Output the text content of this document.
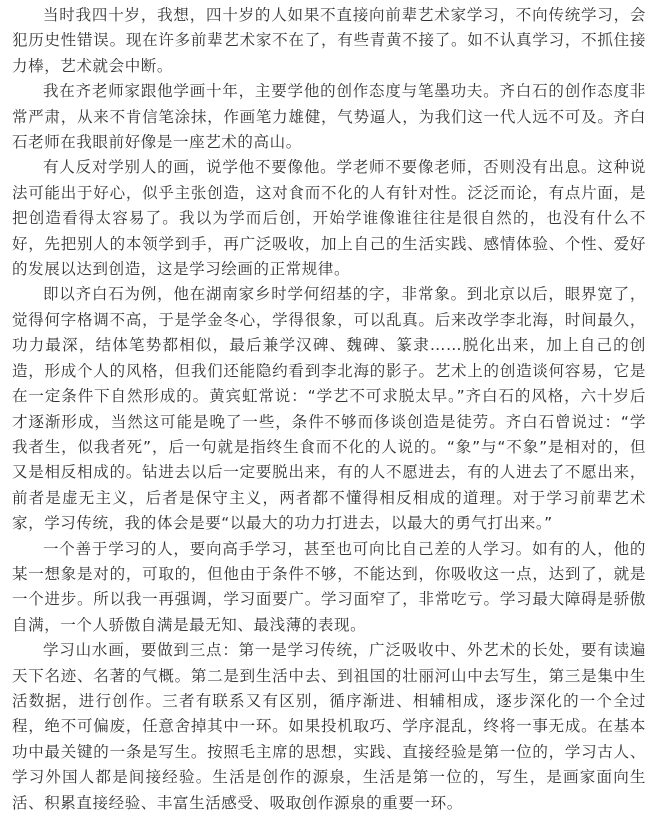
当时我四十岁，我想，四十岁的人如果不直接向前辈艺术家学习，不向传统学习，会犯历史性错误。现在许多前辈艺术家不在了，有些青黄不接了。如不认真学习，不抓住接力棒，艺术就会中断。

我在齐老师家跟他学画十年，主要学他的创作态度与笔墨功夫。齐白石的创作态度非常严肃，从来不肯信笔涂抹，作画笔力雄健，气势逼人，为我们这一代人远不可及。齐白石老师在我眼前好像是一座艺术的高山。

有人反对学别人的画，说学他不要像他。学老师不要像老师，否则没有出息。这种说法可能出于好心，似乎主张创造，这对食而不化的人有针对性。泛泛而论，有点片面，是把创造看得太容易了。我以为学而后创，开始学谁像谁往往是很自然的，也没有什么不好，先把别人的本领学到手，再广泛吸收，加上自己的生活实践、感情体验、个性、爱好的发展以达到创造，这是学习绘画的正常规律。

即以齐白石为例，他在湖南家乡时学何绍基的字，非常象。到北京以后，眼界宽了，觉得何字格调不高，于是学金冬心，学得很象，可以乱真。后来改学李北海，时间最久，功力最深，结体笔势都相似，最后兼学汉碑、魏碑、篆隶……脱化出来，加上自己的创造，形成个人的风格，但我们还能隐约看到李北海的影子。艺术上的创造谈何容易，它是在一定条件下自然形成的。黄宾虹常说：“学艺不可求脱太早。”齐白石的风格，六十岁后才逐渐形成，当然这可能是晚了一些，条件不够而侈谈创造是徒劳。齐白石曾说过：“学我者生，似我者死”，后一句就是指终生食而不化的人说的。“象”与“不象”是相对的，但又是相反相成的。钻进去以后一定要脱出来，有的人不愿进去，有的人进去了不愿出来，前者是虚无主义，后者是保守主义，两者都不懂得相反相成的道理。对于学习前辈艺术家，学习传统，我的体会是要“以最大的功力打进去，以最大的勇气打出来。”

一个善于学习的人，要向高手学习，甚至也可向比自己差的人学习。如有的人，他的某一想象是对的，可取的，但他由于条件不够，不能达到，你吸收这一点，达到了，就是一个进步。所以我一再强调，学习面要广。学习面窄了，非常吃亏。学习最大障碍是骄傲自满，一个人骄傲自满是最无知、最浅薄的表现。

学习山水画，要做到三点：第一是学习传统，广泛吸收中、外艺术的长处，要有读遍天下名迹、名著的气概。第二是到生活中去、到祖国的壮丽河山中去写生，第三是集中生活数据，进行创作。三者有联系又有区别，循序渐进、相辅相成，逐步深化的一个全过程，绝不可偏废，任意舍掉其中一环。如果投机取巧、学序混乱，终将一事无成。在基本功中最关键的一条是写生。按照毛主席的思想，实践、直接经验是第一位的，学习古人、学习外国人都是间接经验。生活是创作的源泉，生活是第一位的，写生，是画家面向生活、积累直接经验、丰富生活感受、吸取创作源泉的重要一环。
